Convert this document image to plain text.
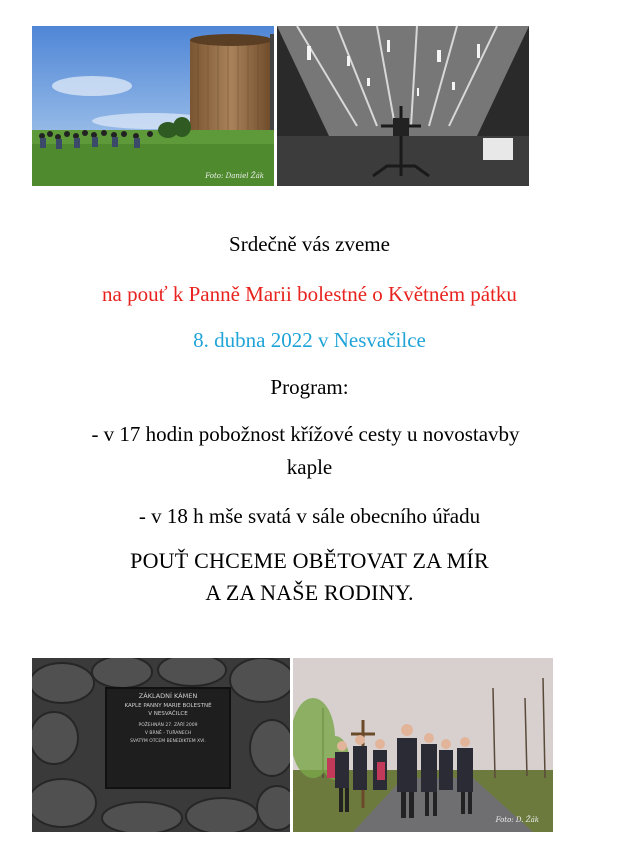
Foto: Daniel Žák
Srdečně vás zveme
na pouť k Panně Marii bolestné o Květném pátku
8. dubna 2022 v Nesvačilce
Program:
- v 17 hodin pobožnost křížové cesty u novostavby
kaple
- v 18 h mše svatá v sále obecního úřadu
POUŤ CHCEME OBĚTOVAT ZA MÍR
A ZA NAŠE RODINY.
ZÁKLADNÍ KÁMEN
KAPLE PANNY MARIE BOLESTNÉ
V NESVAČILCE
POŽEHNÁN 27. ZÁŘÍ 2009
V BRNĚ - TUŘANECH
SVATÝM OTCEM BENEDIKTEM XVI.
Foto: D. Žák
